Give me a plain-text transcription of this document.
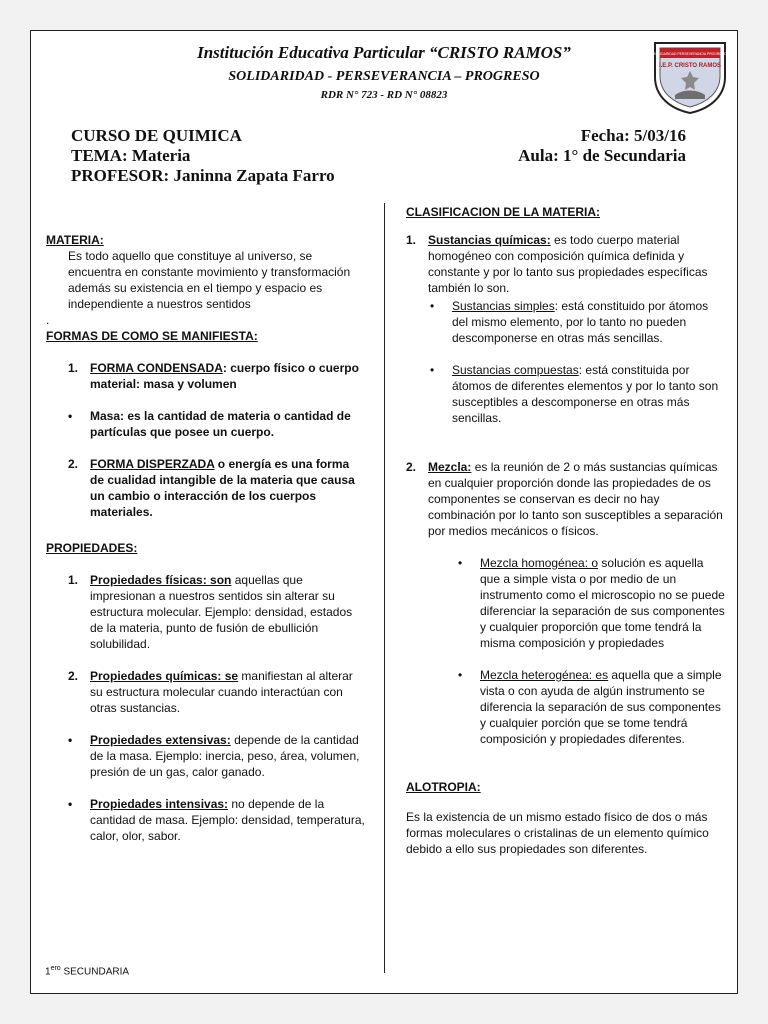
Institución Educativa Particular “CRISTO RAMOS”
SOLIDARIDAD - PERSEVERANCIA – PROGRESO
RDR N° 723 - RD N° 08823
SOLIDARIDAD PERSEVERANCIA PROGRESO
I.E.P. CRISTO RAMOS
CURSO DE QUIMICA
TEMA: Materia
PROFESOR: Janinna Zapata Farro
Fecha: 5/03/16
Aula: 1° de Secundaria

MATERIA:

Es todo aquello que constituye al universo, se encuentra en constante movimiento y transformación además su existencia en el tiempo y espacio es independiente a nuestros sentidos

.

FORMAS DE COMO SE MANIFIESTA:

1. FORMA CONDENSADA: cuerpo físico o cuerpo material: masa y volumen
• Masa: es la cantidad de materia o cantidad de partículas que posee un cuerpo.
2. FORMA DISPERZADA o energía es una forma de cualidad intangible de la materia que causa un cambio o interacción de los cuerpos materiales.

PROPIEDADES:

1. Propiedades físicas: son aquellas que impresionan a nuestros sentidos sin alterar su estructura molecular. Ejemplo: densidad, estados de la materia, punto de fusión de ebullición solubilidad.
2. Propiedades químicas: se manifiestan al alterar su estructura molecular cuando interactúan con otras sustancias.
• Propiedades extensivas: depende de la cantidad de la masa. Ejemplo: inercia, peso, área, volumen, presión de un gas, calor ganado.
• Propiedades intensivas: no depende de la cantidad de masa. Ejemplo: densidad, temperatura, calor, olor, sabor.

CLASIFICACION DE LA MATERIA:

1. Sustancias químicas: es todo cuerpo material homogéneo con composición química definida y constante y por lo tanto sus propiedades específicas también lo son.
• Sustancias simples: está constituido por átomos del mismo elemento, por lo tanto no pueden descomponerse en otras más sencillas.
• Sustancias compuestas: está constituida por átomos de diferentes elementos y por lo tanto son susceptibles a descomponerse en otras más sencillas.
2. Mezcla: es la reunión de 2 o más sustancias químicas en cualquier proporción donde las propiedades de os componentes se conservan es decir no hay combinación por lo tanto son susceptibles a separación por medios mecánicos o físicos.
• Mezcla homogénea: o solución es aquella que a simple vista o por medio de un instrumento como el microscopio no se puede diferenciar la separación de sus componentes y cualquier proporción que tome tendrá la misma composición y propiedades
• Mezcla heterogénea: es aquella que a simple vista o con ayuda de algún instrumento se diferencia la separación de sus componentes y cualquier porción que se tome tendrá composición y propiedades diferentes.

ALOTROPIA:

Es la existencia de un mismo estado físico de dos o más formas moleculares o cristalinas de un elemento químico debido a ello sus propiedades son diferentes.

$1^{ero}$ SECUNDARIA
